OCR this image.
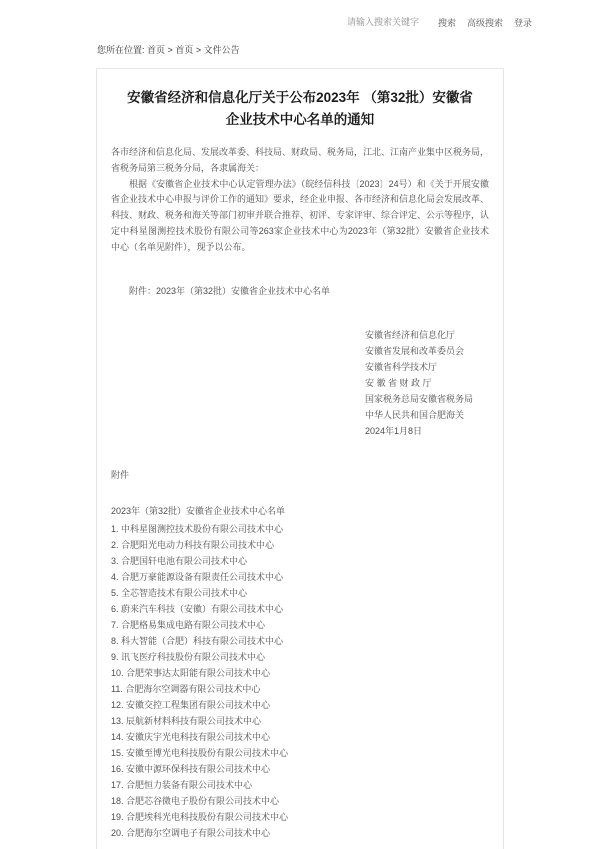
请输入搜索关键字
搜索 高级搜索 登录
您所在位置: 首页 > 首页 > 文件公告
安徽省经济和信息化厅关于公布2023年 （第32批）安徽省
企业技术中心名单的通知

各市经济和信息化局、发展改革委、科技局、财政局、税务局，江北、江南产业集中区税务局，省税务局第三税务分局，各隶属海关：

根据《安徽省企业技术中心认定管理办法》（皖经信科技〔2023〕24号）和《关于开展安徽省企业技术中心申报与评价工作的通知》要求，经企业申报、各市经济和信息化局会发展改革、科技、财政、税务和海关等部门初审并联合推荐、初评、专家评审、综合评定、公示等程序，认定中科星图测控技术股份有限公司等263家企业技术中心为2023年（第32批）安徽省企业技术中心（名单见附件），现予以公布。

附件：2023年（第32批）安徽省企业技术中心名单

安徽省经济和信息化厅
安徽省发展和改革委员会
安徽省科学技术厅
安 徽 省 财 政 厅
国家税务总局安徽省税务局
中华人民共和国合肥海关
2024年1月8日

附件

2023年（第32批）安徽省企业技术中心名单

1. 中科星图测控技术股份有限公司技术中心
2. 合肥阳光电动力科技有限公司技术中心
3. 合肥国轩电池有限公司技术中心
4. 合肥万豪能源设备有限责任公司技术中心
5. 全芯智造技术有限公司技术中心
6. 蔚来汽车科技（安徽）有限公司技术中心
7. 合肥格易集成电路有限公司技术中心
8. 科大智能（合肥）科技有限公司技术中心
9. 讯飞医疗科技股份有限公司技术中心
10. 合肥荣事达太阳能有限公司技术中心
11. 合肥海尔空调器有限公司技术中心
12. 安徽交控工程集团有限公司技术中心
13. 辰航新材料科技有限公司技术中心
14. 安徽庆宇光电科技有限公司技术中心
15. 安徽至博光电科技股份有限公司技术中心
16. 安徽中源环保科技有限公司技术中心
17. 合肥恒力装备有限公司技术中心
18. 合肥芯谷微电子股份有限公司技术中心
19. 合肥埃科光电科技股份有限公司技术中心
20. 合肥海尔空调电子有限公司技术中心
